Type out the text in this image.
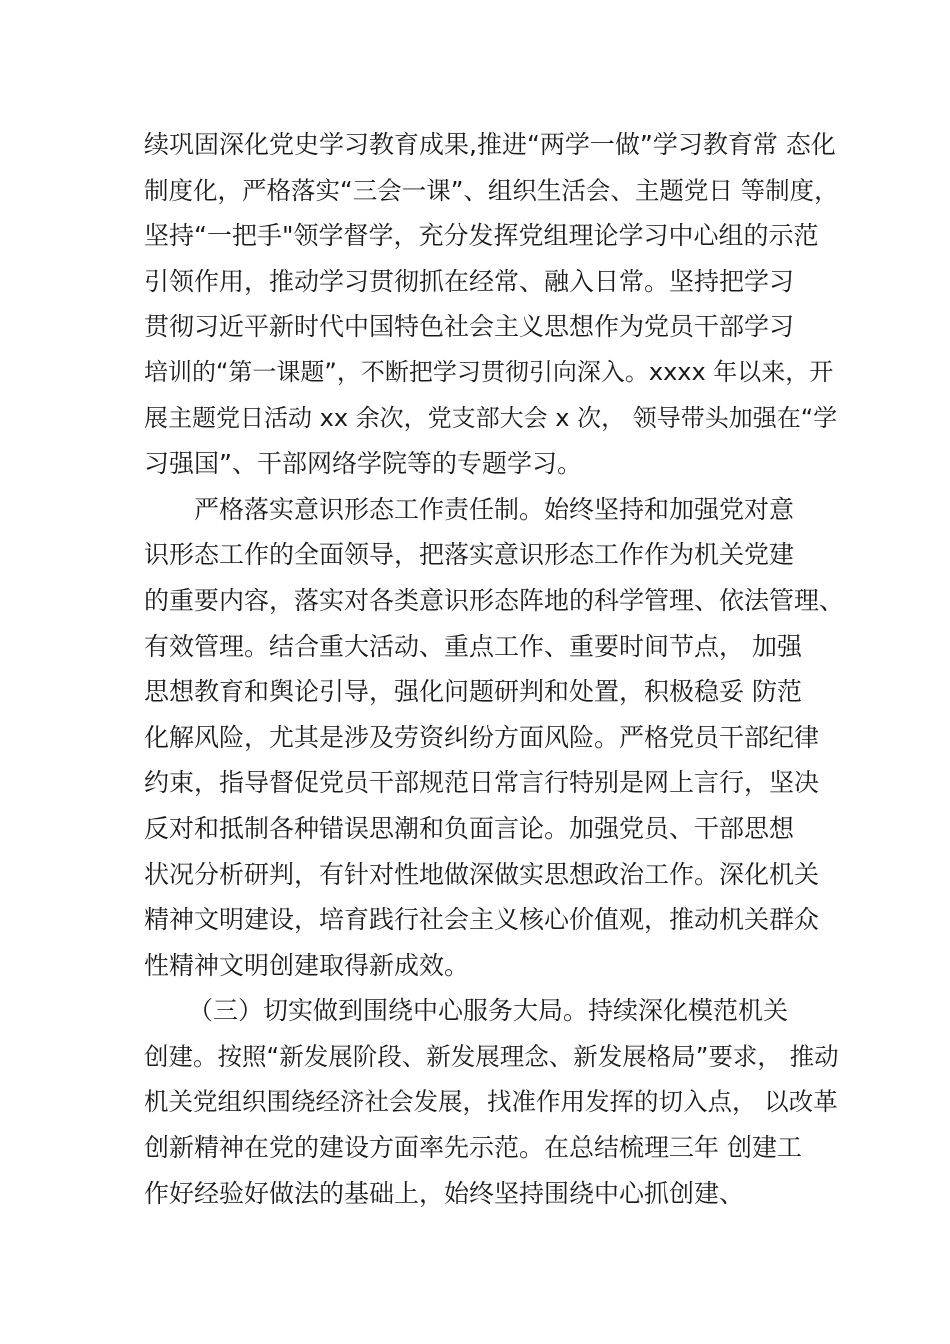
续巩固深化党史学习教育成果,推进“两学一做”学习教育常 态化
制度化，严格落实“三会一课”、组织生活会、主题党日 等制度，
坚持“一把手"领学督学，充分发挥党组理论学习中心组的示范
引领作用，推动学习贯彻抓在经常、融入日常。坚持把学习
贯彻习近平新时代中国特色社会主义思想作为党员干部学习
培训的“第一课题”，不断把学习贯彻引向深入。xxxx 年以来，开
展主题党日活动 xx 余次，党支部大会 x 次， 领导带头加强在“学
习强国”、干部网络学院等的专题学习。
严格落实意识形态工作责任制。始终坚持和加强党对意
识形态工作的全面领导，把落实意识形态工作作为机关党建
的重要内容，落实对各类意识形态阵地的科学管理、依法管理、
有效管理。结合重大活动、重点工作、重要时间节点， 加强
思想教育和舆论引导，强化问题研判和处置，积极稳妥 防范
化解风险，尤其是涉及劳资纠纷方面风险。严格党员干部纪律
约束，指导督促党员干部规范日常言行特别是网上言行，坚决
反对和抵制各种错误思潮和负面言论。加强党员、干部思想
状况分析研判，有针对性地做深做实思想政治工作。深化机关
精神文明建设，培育践行社会主义核心价值观，推动机关群众
性精神文明创建取得新成效。
（三）切实做到围绕中心服务大局。持续深化模范机关
创建。按照“新发展阶段、新发展理念、新发展格局”要求， 推动
机关党组织围绕经济社会发展，找准作用发挥的切入点， 以改革
创新精神在党的建设方面率先示范。在总结梳理三年 创建工
作好经验好做法的基础上，始终坚持围绕中心抓创建、
